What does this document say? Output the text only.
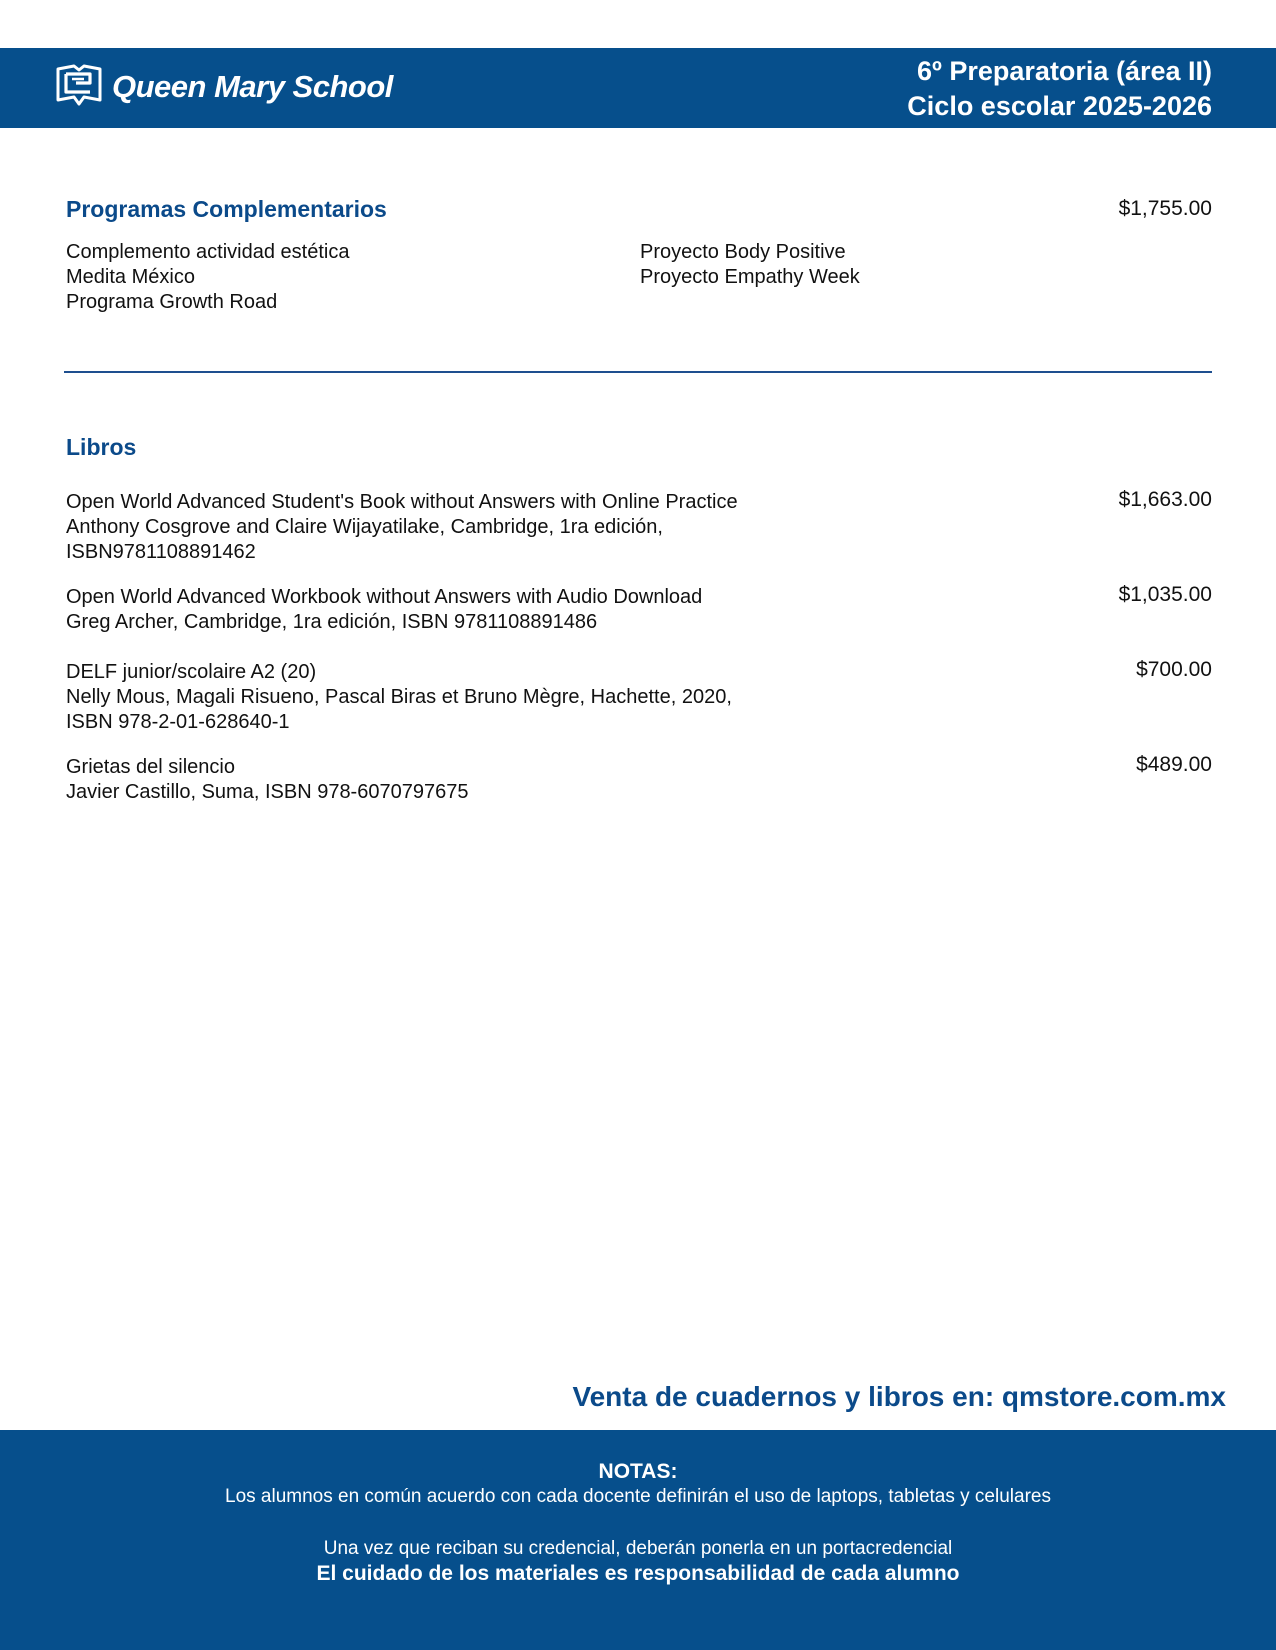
Queen Mary School	6º Preparatoria (área II)
Ciclo escolar 2025-2026
Programas Complementarios	$1,755.00
Complemento actividad estética
Medita México
Programa Growth Road
Proyecto Body Positive
Proyecto Empathy Week
Libros
Open World Advanced Student's Book without Answers with Online Practice
Anthony Cosgrove and Claire Wijayatilake, Cambridge, 1ra edición,
ISBN9781108891462
$1,663.00
Open World Advanced Workbook without Answers with Audio Download
Greg Archer, Cambridge, 1ra edición, ISBN 9781108891486
$1,035.00
DELF junior/scolaire A2 (20)
Nelly Mous, Magali Risueno, Pascal Biras et Bruno Mègre, Hachette, 2020,
ISBN 978-2-01-628640-1
$700.00
Grietas del silencio
Javier Castillo, Suma, ISBN 978-6070797675
$489.00
Venta de cuadernos y libros en: qmstore.com.mx
NOTAS:
Los alumnos en común acuerdo con cada docente definirán el uso de laptops, tabletas y celulares
Una vez que reciban su credencial, deberán ponerla en un portacredencial
El cuidado de los materiales es responsabilidad de cada alumno
